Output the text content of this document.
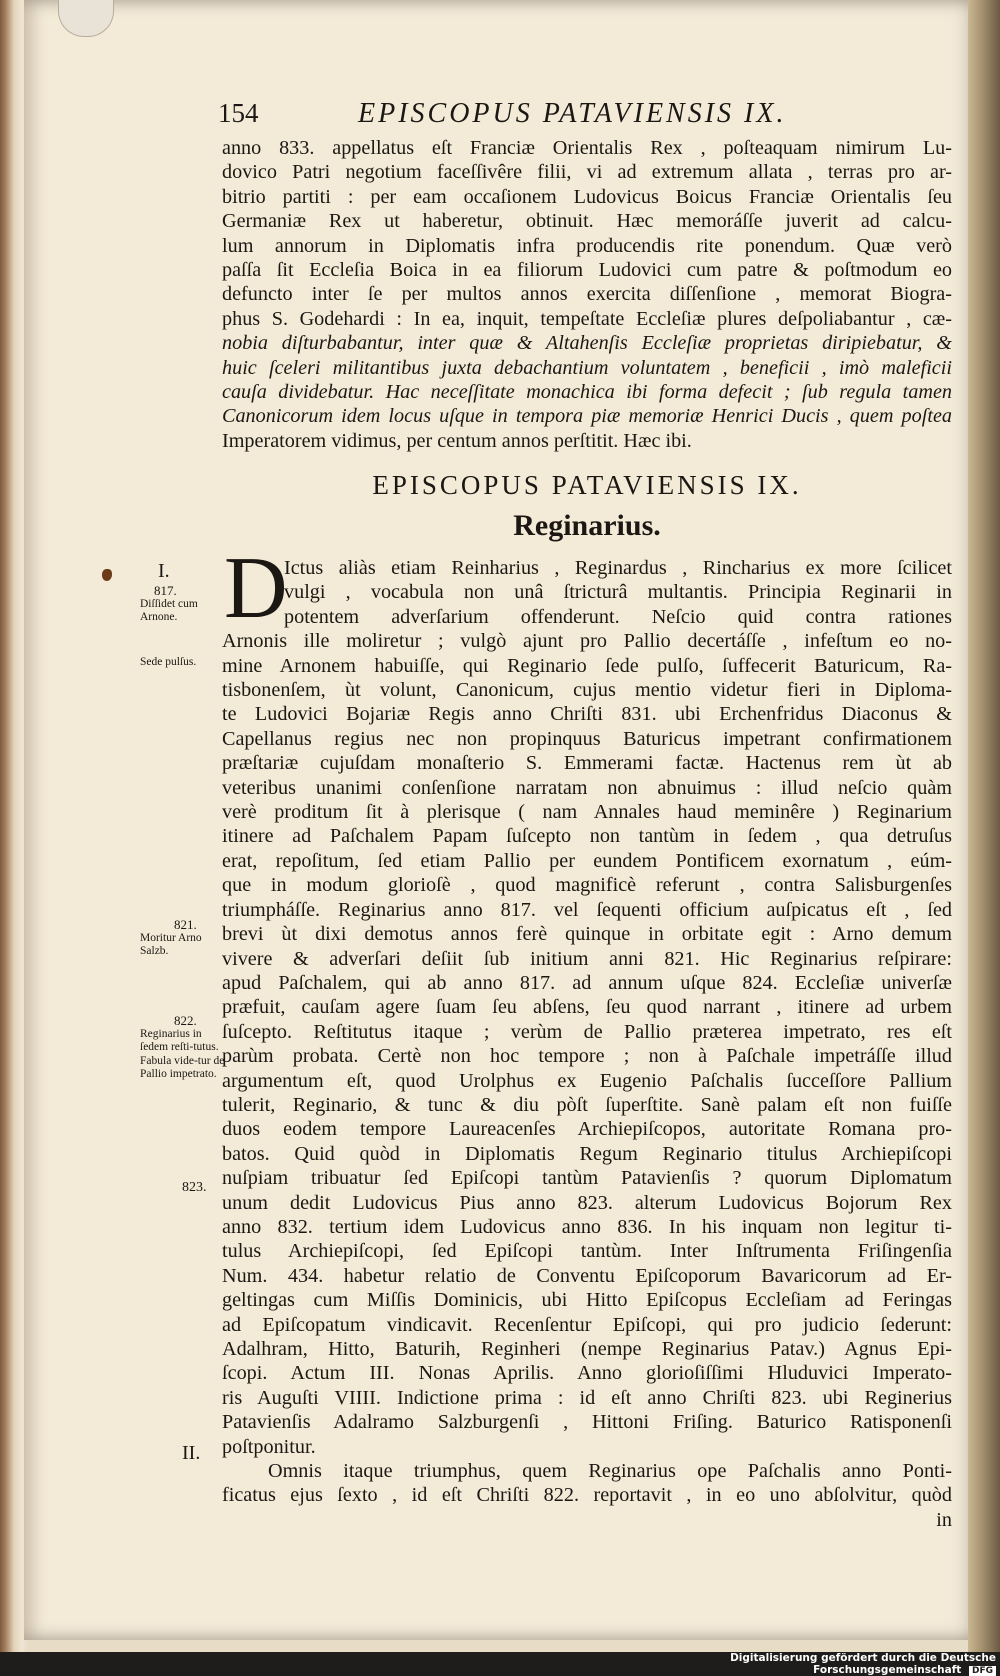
154	EPISCOPUS PATAVIENSIS IX.
anno 833. appellatus eſt Franciæ Orientalis Rex , poſteaquam nimirum Lu-
dovico Patri negotium faceſſivêre filii, vi ad extremum allata , terras pro ar-
bitrio partiti : per eam occaſionem Ludovicus Boicus Franciæ Orientalis ſeu
Germaniæ Rex ut haberetur, obtinuit. Hæc memoráſſe juverit ad calcu-
lum annorum in Diplomatis infra producendis rite ponendum. Quæ verò
paſſa ſit Eccleſia Boica in ea filiorum Ludovici cum patre & poſtmodum eo
defuncto inter ſe per multos annos exercita diſſenſione , memorat Biogra-
phus S. Godehardi : In ea, inquit, tempeſtate Eccleſiæ plures deſpoliabantur , cæ-
nobia diſturbabantur, inter quæ & Altahenſis Eccleſiæ proprietas diripiebatur, &
huic ſceleri militantibus juxta debachantium voluntatem , beneficii , imò maleficii
cauſa dividebatur. Hac neceſſitate monachica ibi forma defecit ; ſub regula tamen
Canonicorum idem locus uſque in tempora piæ memoriæ Henrici Ducis , quem poſtea
Imperatorem vidimus, per centum annos perſtitit. Hæc ibi.
EPISCOPUS PATAVIENSIS IX.
Reginarius.
D
Ictus aliàs etiam Reinharius , Reginardus , Rincharius ex more ſcilicet
vulgi , vocabula non unâ ſtricturâ multantis. Principia Reginarii in
potentem adverſarium offenderunt. Neſcio quid contra rationes
Arnonis ille moliretur ; vulgò ajunt pro Pallio decertáſſe , infeſtum eo no-
mine Arnonem habuiſſe, qui Reginario ſede pulſo, ſuffecerit Baturicum, Ra-
tisbonenſem, ùt volunt, Canonicum, cujus mentio videtur fieri in Diploma-
te Ludovici Bojariæ Regis anno Chriſti 831. ubi Erchenfridus Diaconus &
Capellanus regius nec non propinquus Baturicus impetrant confirmationem
præſtariæ cujuſdam monaſterio S. Emmerami factæ. Hactenus rem ùt ab
veteribus unanimi conſenſione narratam non abnuimus : illud neſcio quàm
verè proditum ſit à plerisque ( nam Annales haud meminêre ) Reginarium
itinere ad Paſchalem Papam ſuſcepto non tantùm in ſedem , qua detruſus
erat, repoſitum, ſed etiam Pallio per eundem Pontificem exornatum , eúm-
que in modum glorioſè , quod magnificè referunt , contra Salisburgenſes
triumpháſſe. Reginarius anno 817. vel ſequenti officium auſpicatus eſt , ſed
brevi ùt dixi demotus annos ferè quinque in orbitate egit : Arno demum
vivere & adverſari deſiit ſub initium anni 821. Hic Reginarius reſpirare:
apud Paſchalem, qui ab anno 817. ad annum uſque 824. Eccleſiæ univerſæ
præfuit, cauſam agere ſuam ſeu abſens, ſeu quod narrant , itinere ad urbem
ſuſcepto. Reſtitutus itaque ; verùm de Pallio præterea impetrato, res eſt
parùm probata. Certè non hoc tempore ; non à Paſchale impetráſſe illud
argumentum eſt, quod Urolphus ex Eugenio Paſchalis ſucceſſore Pallium
tulerit, Reginario, & tunc & diu pòſt ſuperſtite. Sanè palam eſt non fuiſſe
duos eodem tempore Laureacenſes Archiepiſcopos, autoritate Romana pro-
batos. Quid quòd in Diplomatis Regum Reginario titulus Archiepiſcopi
nuſpiam tribuatur ſed Epiſcopi tantùm Patavienſis ? quorum Diplomatum
unum dedit Ludovicus Pius anno 823. alterum Ludovicus Bojorum Rex
anno 832. tertium idem Ludovicus anno 836. In his inquam non legitur ti-
tulus Archiepiſcopi, ſed Epiſcopi tantùm. Inter Inſtrumenta Friſingenſia
Num. 434. habetur relatio de Conventu Epiſcoporum Bavaricorum ad Er-
geltingas cum Miſſis Dominicis, ubi Hitto Epiſcopus Eccleſiam ad Feringas
ad Epiſcopatum vindicavit. Recenſentur Epiſcopi, qui pro judicio ſederunt:
Adalhram, Hitto, Baturih, Reginheri (nempe Reginarius Patav.) Agnus Epi-
ſcopi. Actum III. Nonas Aprilis. Anno glorioſiſſimi Hluduvici Imperato-
ris Auguſti VIIII. Indictione prima : id eſt anno Chriſti 823. ubi Reginerius
Patavienſis Adalramo Salzburgenſi , Hittoni Friſing. Baturico Ratisponenſi
poſtponitur.
Omnis itaque triumphus, quem Reginarius ope Paſchalis anno Ponti-
ficatus ejus ſexto , id eſt Chriſti 822. reportavit , in eo uno abſolvitur, quòd
in
I.
817.
Diſſidet cum Arnone.
Sede pulſus.
821.
Moritur Arno Salzb.
822.
Reginarius in ſedem reſti-tutus.
Fabula vide-tur de Pallio impetrato.
823.
II.
Digitalisierung gefördert durch die Deutsche Forschungsgemeinschaft DFG
